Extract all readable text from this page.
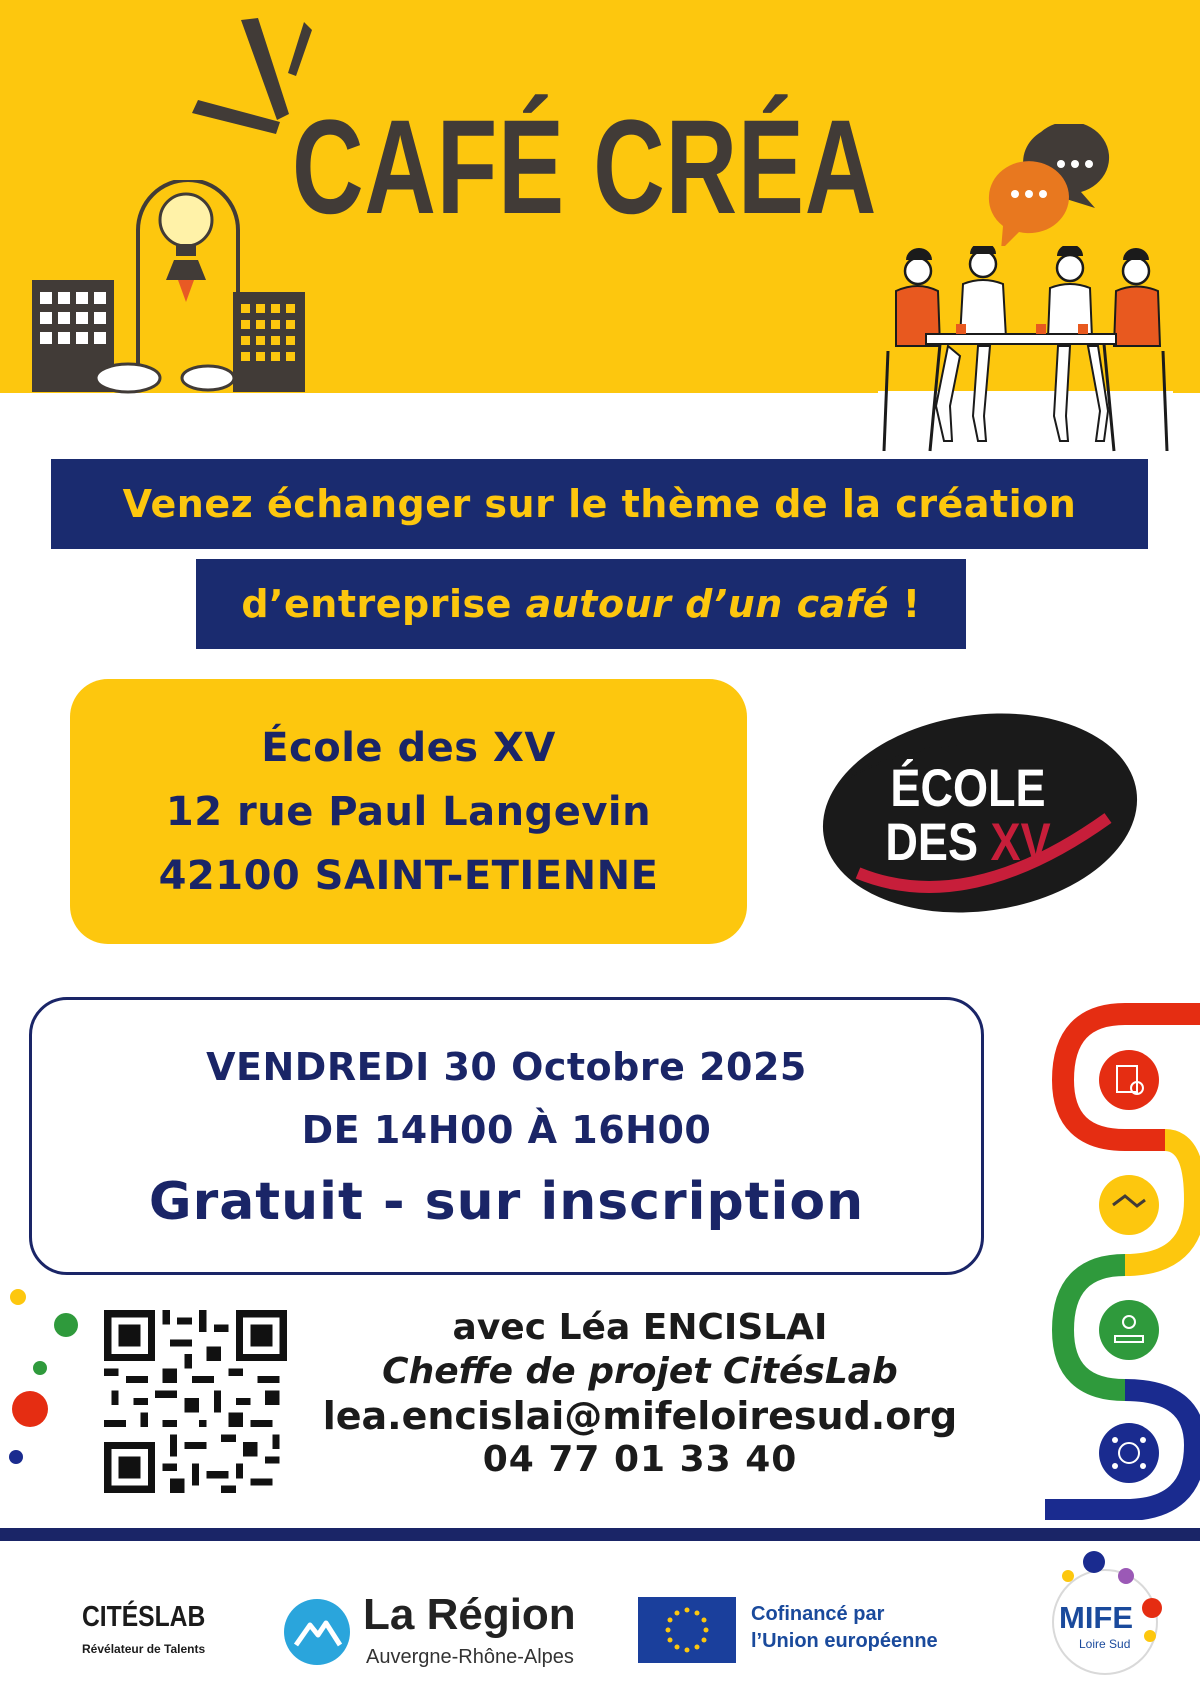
CAFÉ CRÉA
Venez échanger sur le thème de la création
d’entreprise autour d’un café !
École des XV
12 rue Paul Langevin
42100 SAINT-ETIENNE
ÉCOLE
DES XV
VENDREDI 30 Octobre 2025
DE 14H00 À 16H00
Gratuit - sur inscription
avec Léa ENCISLAI
Cheffe de projet CitésLab
lea.encislai@mifeloiresud.org
04 77 01 33 40
CITÉSLAB
Révélateur de Talents
La Région
Auvergne-Rhône-Alpes
Cofinancé par
l’Union européenne
MIFE
Loire Sud
